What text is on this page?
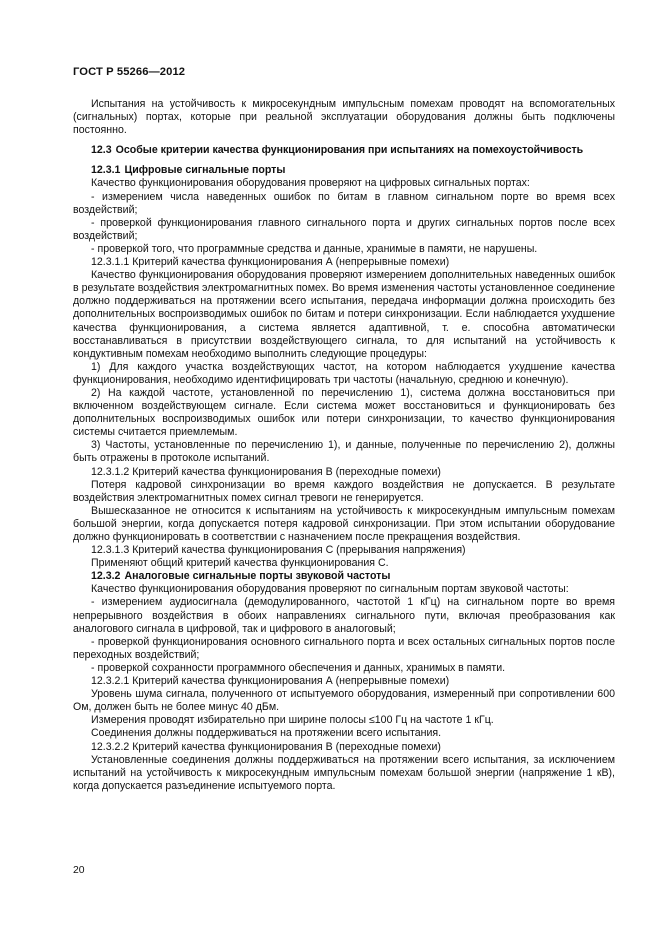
ГОСТ Р 55266—2012

Испытания на устойчивость к микросекундным импульсным помехам проводят на вспомогательных (сигнальных) портах, которые при реальной эксплуатации оборудования должны быть подключены постоянно.

12.3 Особые критерии качества функционирования при испытаниях на помехоустойчивость

12.3.1 Цифровые сигнальные порты

Качество функционирования оборудования проверяют на цифровых сигнальных портах:

- измерением числа наведенных ошибок по битам в главном сигнальном порте во время всех воздействий;

- проверкой функционирования главного сигнального порта и других сигнальных портов после всех воздействий;

- проверкой того, что программные средства и данные, хранимые в памяти, не нарушены.

12.3.1.1 Критерий качества функционирования А (непрерывные помехи)

Качество функционирования оборудования проверяют измерением дополнительных наведенных ошибок в результате воздействия электромагнитных помех. Во время изменения частоты установленное соединение должно поддерживаться на протяжении всего испытания, передача информации должна происходить без дополнительных воспроизводимых ошибок по битам и потери синхронизации. Если наблюдается ухудшение качества функционирования, а система является адаптивной, т. е. способна автоматически восстанавливаться в присутствии воздействующего сигнала, то для испытаний на устойчивость к кондуктивным помехам необходимо выполнить следующие процедуры:

1) Для каждого участка воздействующих частот, на котором наблюдается ухудшение качества функционирования, необходимо идентифицировать три частоты (начальную, среднюю и конечную).

2) На каждой частоте, установленной по перечислению 1), система должна восстановиться при включенном воздействующем сигнале. Если система может восстановиться и функционировать без дополнительных воспроизводимых ошибок или потери синхронизации, то качество функционирования системы считается приемлемым.

3) Частоты, установленные по перечислению 1), и данные, полученные по перечислению 2), должны быть отражены в протоколе испытаний.

12.3.1.2 Критерий качества функционирования В (переходные помехи)

Потеря кадровой синхронизации во время каждого воздействия не допускается. В результате воздействия электромагнитных помех сигнал тревоги не генерируется.

Вышесказанное не относится к испытаниям на устойчивость к микросекундным импульсным помехам большой энергии, когда допускается потеря кадровой синхронизации. При этом испытании оборудование должно функционировать в соответствии с назначением после прекращения воздействия.

12.3.1.3 Критерий качества функционирования С (прерывания напряжения)

Применяют общий критерий качества функционирования С.

12.3.2 Аналоговые сигнальные порты звуковой частоты

Качество функционирования оборудования проверяют по сигнальным портам звуковой частоты:

- измерением аудиосигнала (демодулированного, частотой 1 кГц) на сигнальном порте во время непрерывного воздействия в обоих направлениях сигнального пути, включая преобразования как аналогового сигнала в цифровой, так и цифрового в аналоговый;

- проверкой функционирования основного сигнального порта и всех остальных сигнальных портов после переходных воздействий;

- проверкой сохранности программного обеспечения и данных, хранимых в памяти.

12.3.2.1 Критерий качества функционирования А (непрерывные помехи)

Уровень шума сигнала, полученного от испытуемого оборудования, измеренный при сопротивлении 600 Ом, должен быть не более минус 40 дБм.

Измерения проводят избирательно при ширине полосы ≤100 Гц на частоте 1 кГц.

Соединения должны поддерживаться на протяжении всего испытания.

12.3.2.2 Критерий качества функционирования В (переходные помехи)

Установленные соединения должны поддерживаться на протяжении всего испытания, за исключением испытаний на устойчивость к микросекундным импульсным помехам большой энергии (напряжение 1 кВ), когда допускается разъединение испытуемого порта.

20
